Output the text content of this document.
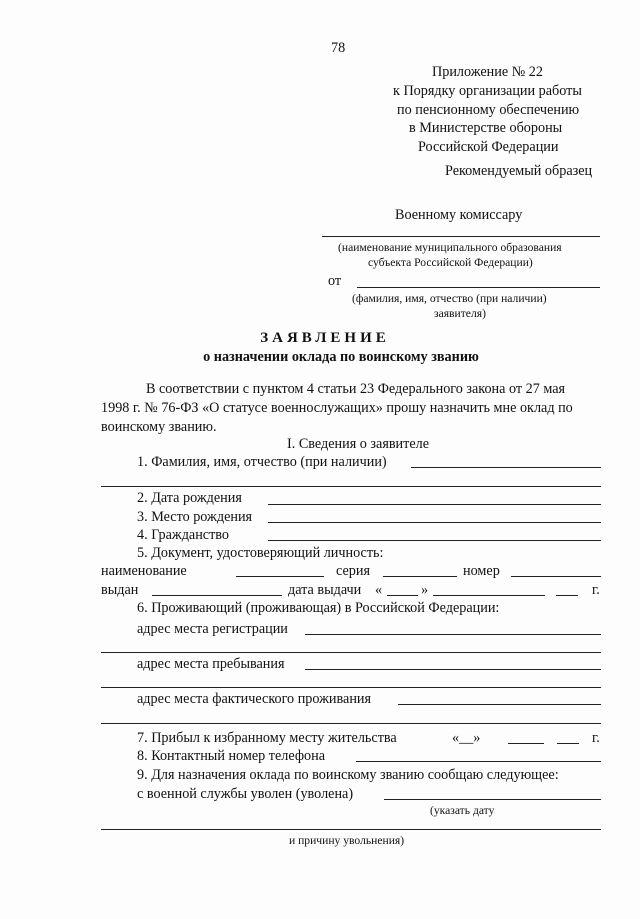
78
Приложение № 22
к Порядку организации работы
по пенсионному обеспечению
в Министерстве обороны
Российской Федерации
Рекомендуемый образец
Военному комиссару
(наименование муниципального образования
субъекта Российской Федерации)
от
(фамилия, имя, отчество (при наличии)
заявителя)
ЗАЯВЛЕНИЕ
о назначении оклада по воинскому званию
В соответствии с пунктом 4 статьи 23 Федерального закона от 27 мая
1998 г. № 76-ФЗ «О статусе военнослужащих» прошу назначить мне оклад по
воинскому званию.
I. Сведения о заявителе
1. Фамилия, имя, отчество (при наличии)
2. Дата рождения
3. Место рождения
4. Гражданство
5. Документ, удостоверяющий личность:
наименование	серия	номер
выдан	дата выдачи «	»	г.
6. Проживающий (проживающая) в Российской Федерации:
адрес места регистрации
адрес места пребывания
адрес места фактического проживания
7. Прибыл к избранному месту жительства	«__»	г.
8. Контактный номер телефона
9. Для назначения оклада по воинскому званию сообщаю следующее:
с военной службы уволен (уволена)
(указать дату
и причину увольнения)
